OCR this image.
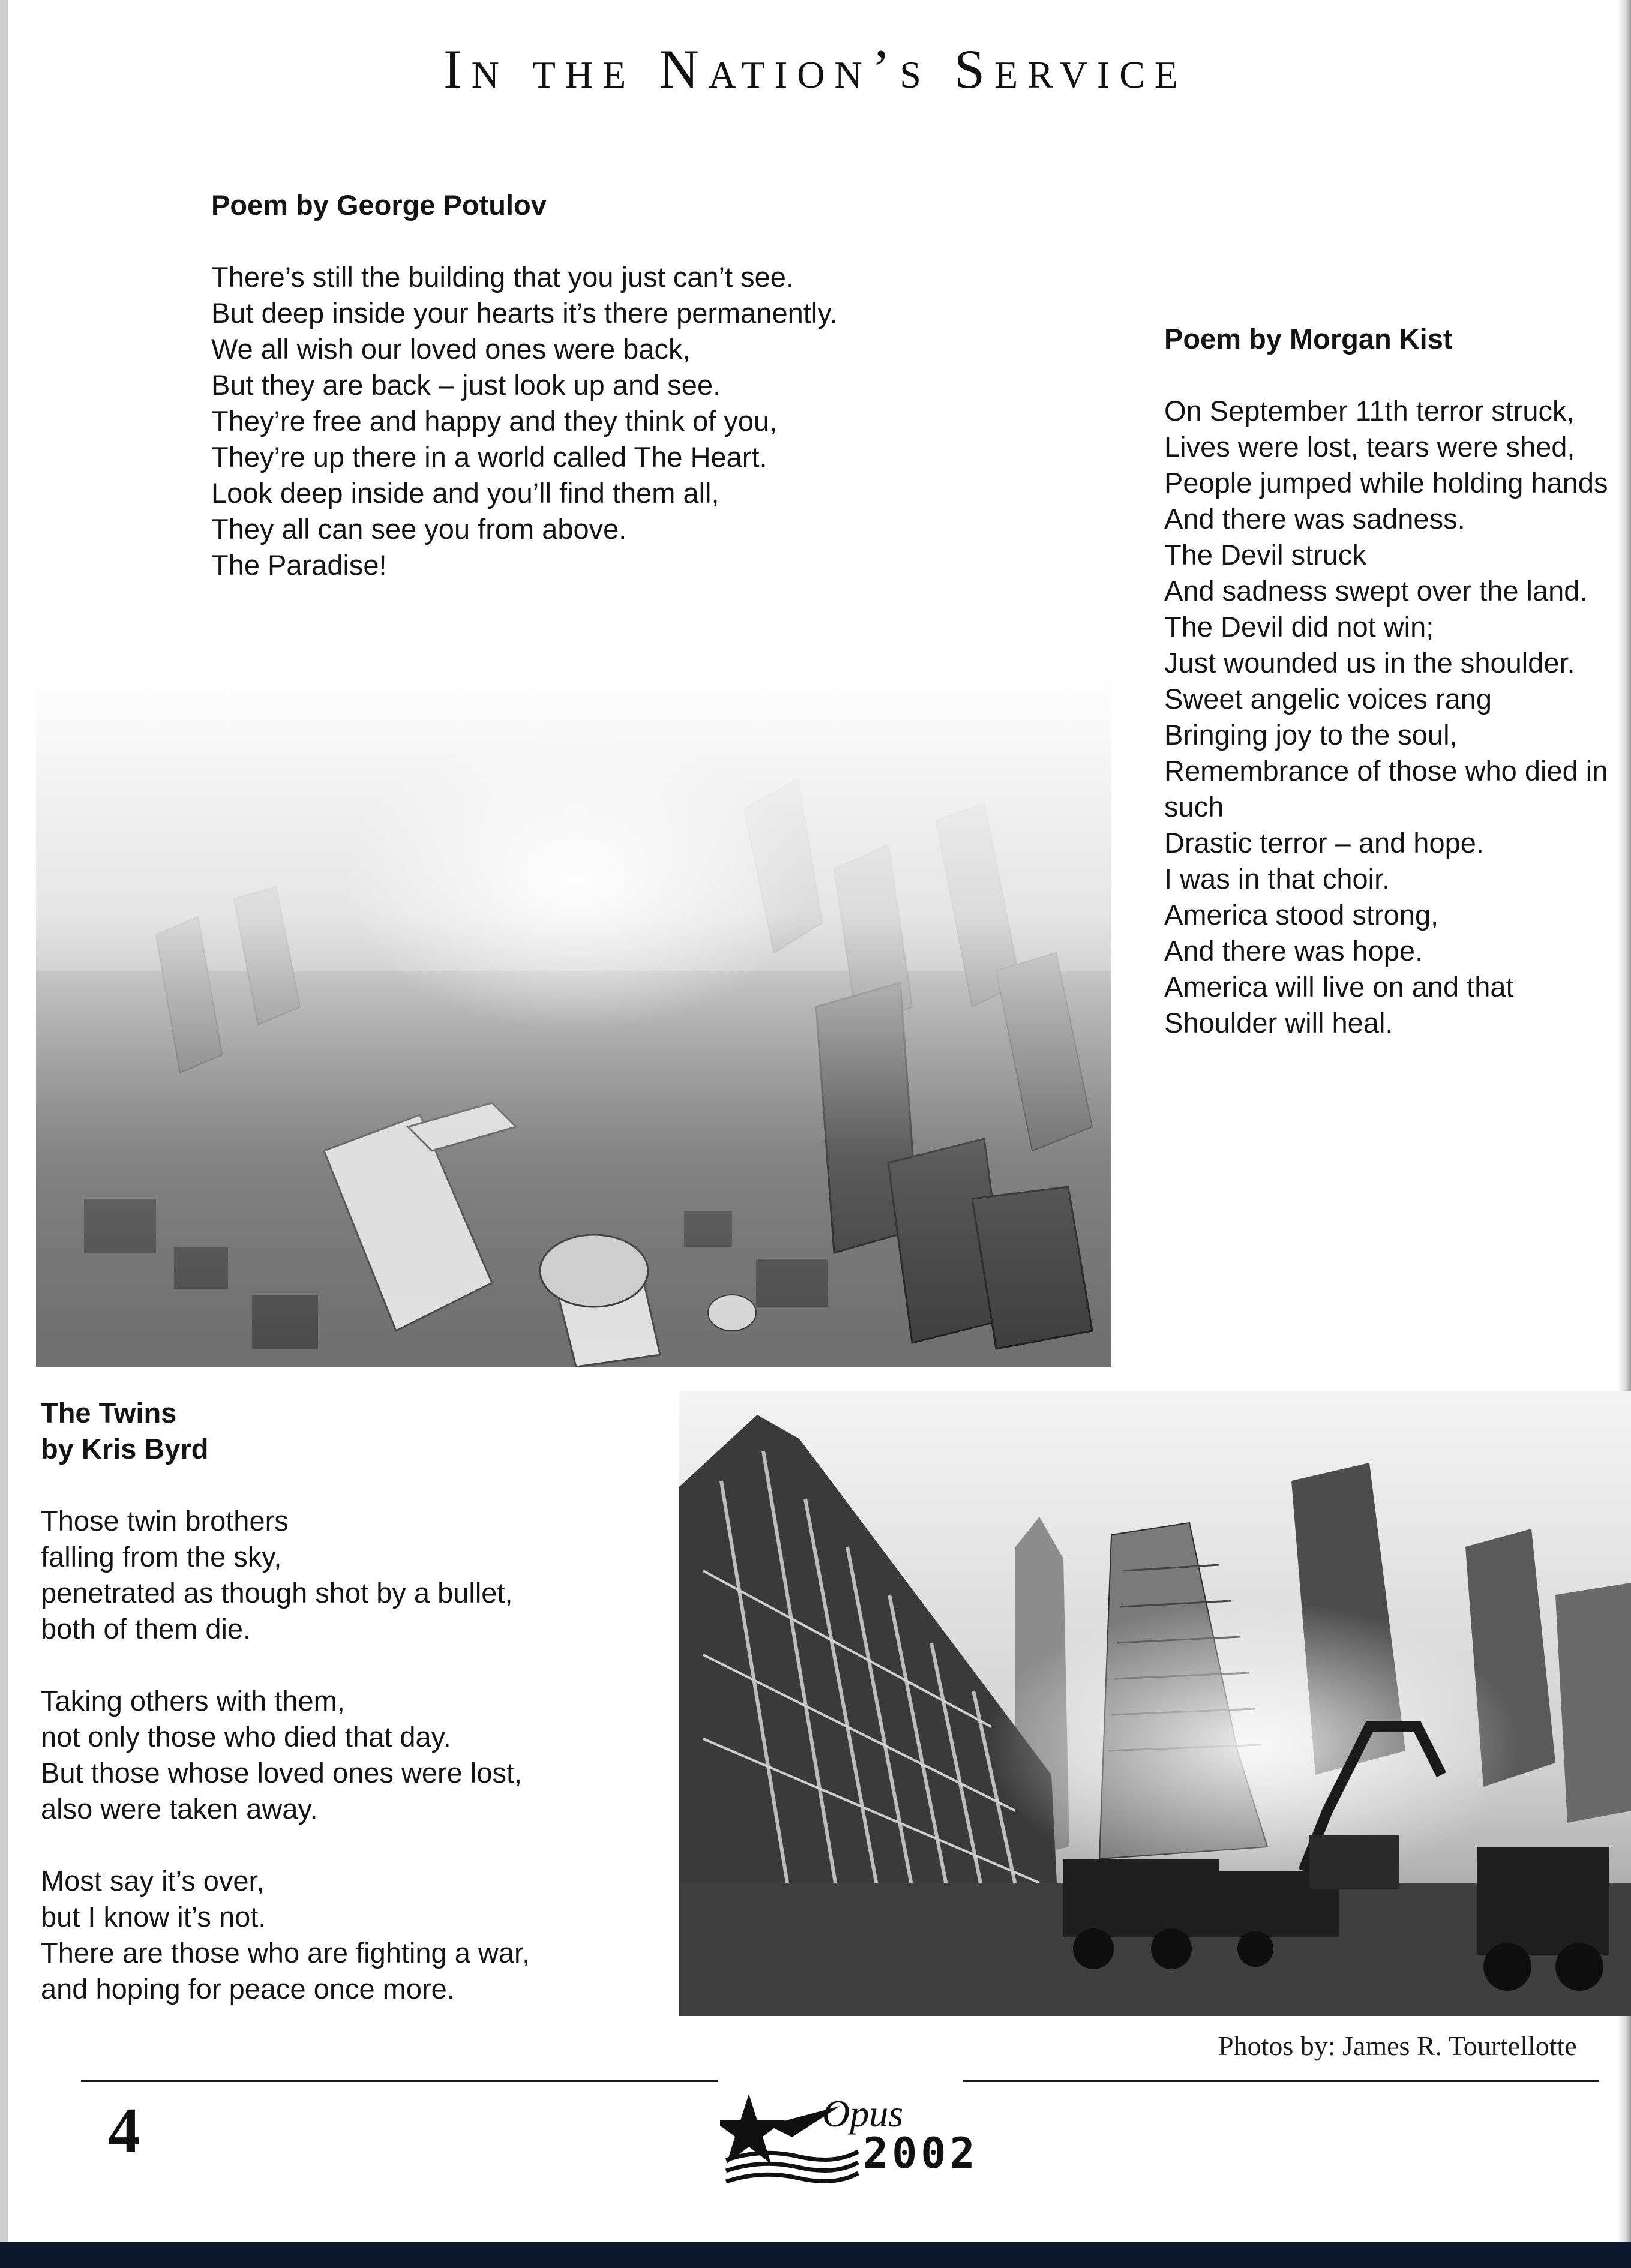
In the Nation’s Service
Poem by George Potulov
There’s still the building that you just can’t see.
But deep inside your hearts it’s there permanently.
We all wish our loved ones were back,
But they are back – just look up and see.
They’re free and happy and they think of you,
They’re up there in a world called The Heart.
Look deep inside and you’ll find them all,
They all can see you from above.
The Paradise!
Poem by Morgan Kist
On September 11th terror struck,
Lives were lost, tears were shed,
People jumped while holding hands
And there was sadness.
The Devil struck
And sadness swept over the land.
The Devil did not win;
Just wounded us in the shoulder.
Sweet angelic voices rang
Bringing joy to the soul,
Remembrance of those who died in
such
Drastic terror – and hope.
I was in that choir.
America stood strong,
And there was hope.
America will live on and that
Shoulder will heal.
The Twins
by Kris Byrd
Those twin brothers
falling from the sky,
penetrated as though shot by a bullet,
both of them die.
Taking others with them,
not only those who died that day.
But those whose loved ones were lost,
also were taken away.
Most say it’s over,
but I know it’s not.
There are those who are fighting a war,
and hoping for peace once more.
Photos by: James R. Tourtellotte
4	Opus
2002
